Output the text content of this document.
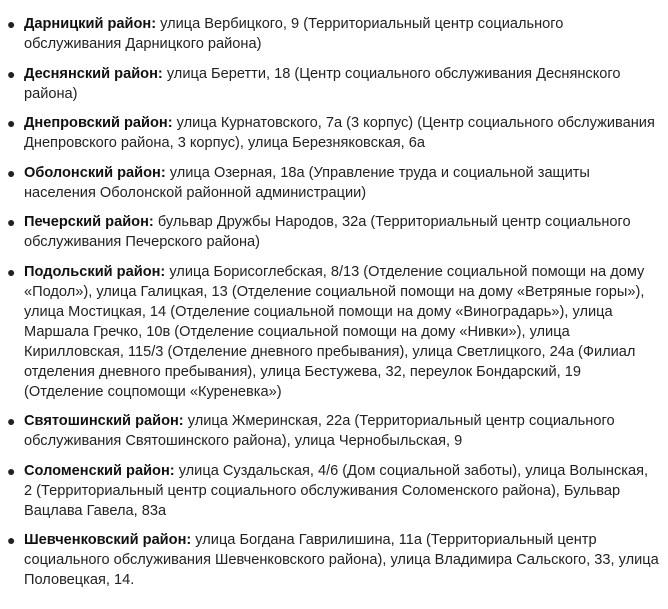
● Дарницкий район: улица Вербицкого, 9 (Территориальный центр социального обслуживания Дарницкого района)
● Деснянский район: улица Беретти, 18 (Центр социального обслуживания Деснянского района)
● Днепровский район: улица Курнатовского, 7а (3 корпус) (Центр социального обслуживания Днепровского района, 3 корпус), улица Березняковская, 6а
● Оболонский район: улица Озерная, 18а (Управление труда и социальной защиты населения Оболонской районной администрации)
● Печерский район: бульвар Дружбы Народов, 32а (Территориальный центр социального обслуживания Печерского района)
● Подольский район: улица Борисоглебская, 8/13 (Отделение социальной помощи на дому «Подол»), улица Галицкая, 13 (Отделение социальной помощи на дому «Ветряные горы»), улица Мостицкая, 14 (Отделение социальной помощи на дому «Виноградарь»), улица Маршала Гречко, 10в (Отделение социальной помощи на дому «Нивки»), улица Кирилловская, 115/3 (Отделение дневного пребывания), улица Светлицкого, 24а (Филиал отделения дневного пребывания), улица Бестужева, 32, переулок Бондарский, 19 (Отделение соцпомощи «Куреневка»)
● Святошинский район: улица Жмеринская, 22а (Территориальный центр социального обслуживания Святошинского района), улица Чернобыльская, 9
● Соломенский район: улица Суздальская, 4/6 (Дом социальной заботы), улица Волынская, 2 (Территориальный центр социального обслуживания Соломенского района), Бульвар Вацлава Гавела, 83а
● Шевченковский район: улица Богдана Гаврилишина, 11а (Территориальный центр социального обслуживания Шевченковского района), улица Владимира Сальского, 33, улица Половецкая, 14.
